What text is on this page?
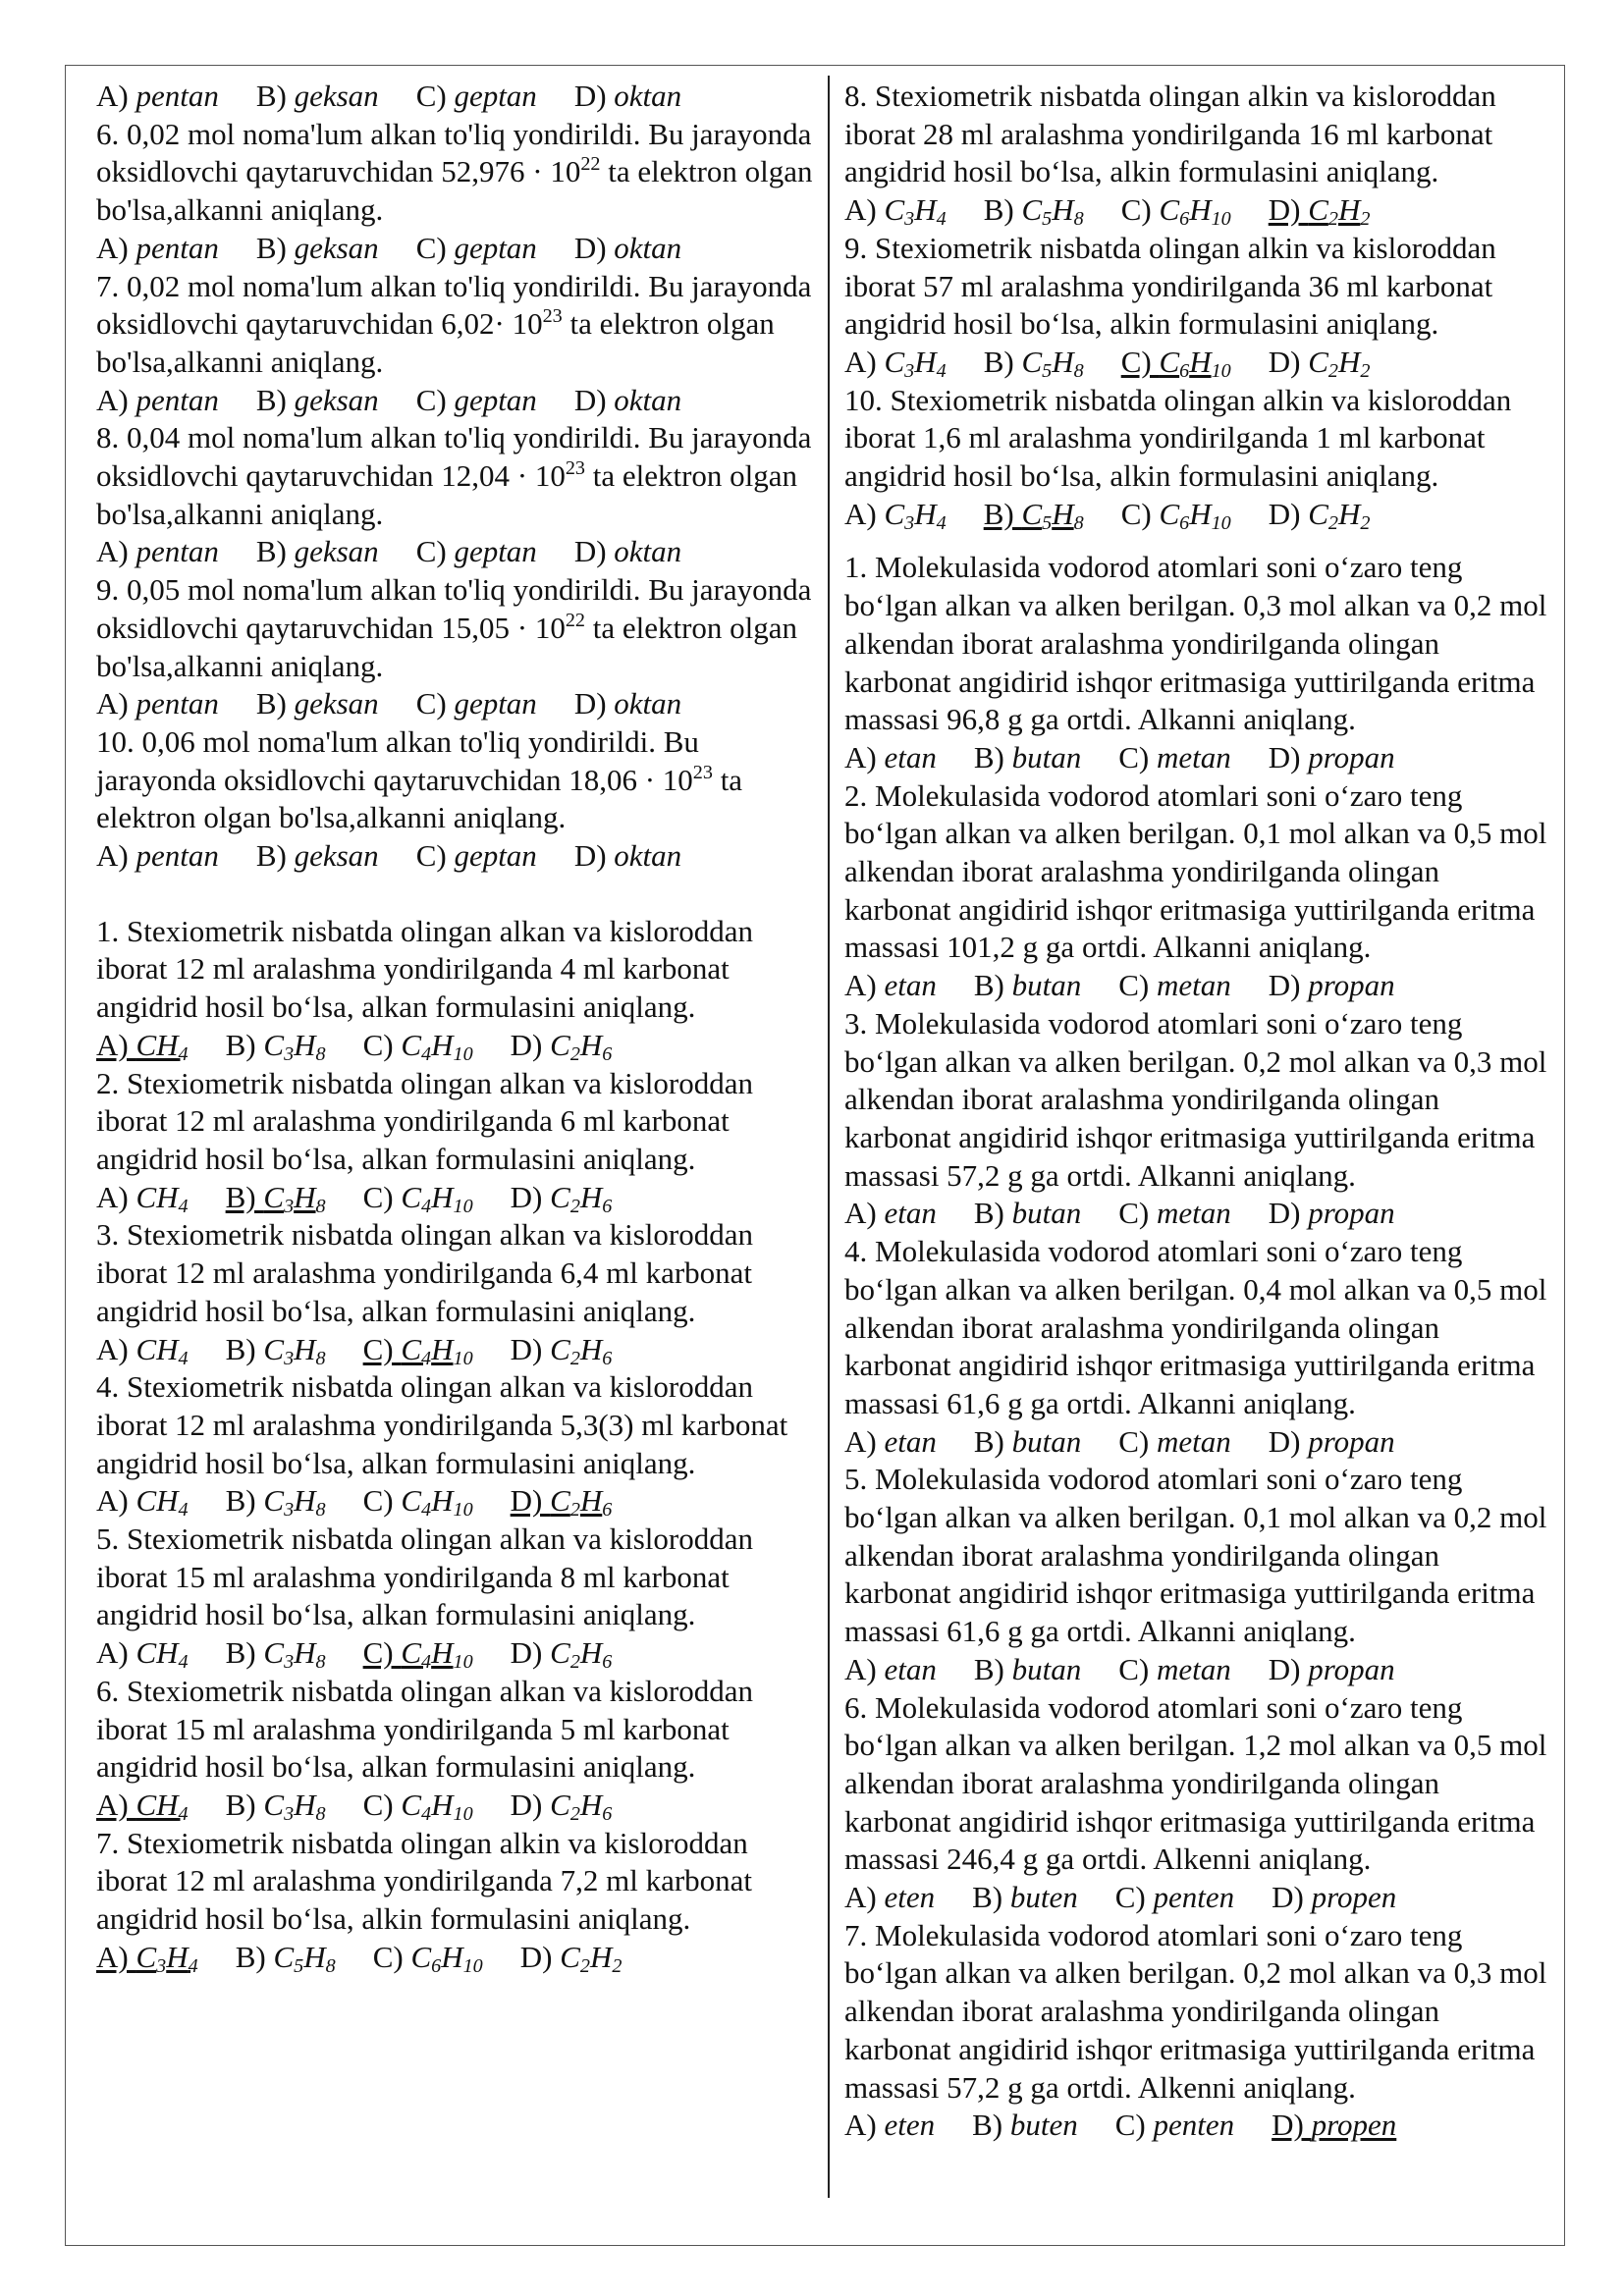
A) pentan B) geksan C) geptan D) oktan

6. 0,02 mol noma'lum alkan to'liq yondirildi. Bu jarayonda oksidlovchi qaytaruvchidan $52,976 \cdot 10^{22}$ ta elektron olgan bo'lsa,alkanni aniqlang.

A) pentan B) geksan C) geptan D) oktan

7. 0,02 mol noma'lum alkan to'liq yondirildi. Bu jarayonda oksidlovchi qaytaruvchidan $6,02\cdot 10^{23}$ ta elektron olgan bo'lsa,alkanni aniqlang.

A) pentan B) geksan C) geptan D) oktan

8. 0,04 mol noma'lum alkan to'liq yondirildi. Bu jarayonda oksidlovchi qaytaruvchidan $12,04 \cdot 10^{23}$ ta elektron olgan bo'lsa,alkanni aniqlang.

A) pentan B) geksan C) geptan D) oktan

9. 0,05 mol noma'lum alkan to'liq yondirildi. Bu jarayonda oksidlovchi qaytaruvchidan $15,05 \cdot 10^{22}$ ta elektron olgan bo'lsa,alkanni aniqlang.

A) pentan B) geksan C) geptan D) oktan

10. 0,06 mol noma'lum alkan to'liq yondirildi. Bu jarayonda oksidlovchi qaytaruvchidan $18,06 \cdot 10^{23}$ ta elektron olgan bo'lsa,alkanni aniqlang.

A) pentan B) geksan C) geptan D) oktan

1. Stexiometrik nisbatda olingan alkan va kisloroddan iborat 12 ml aralashma yondirilganda 4 ml karbonat angidrid hosil bo‘lsa, alkan formulasini aniqlang.

A) $CH_4$ B) $C_3H_8$ C) $C_4H_{10}$ D) $C_2H_6$

2. Stexiometrik nisbatda olingan alkan va kisloroddan iborat 12 ml aralashma yondirilganda 6 ml karbonat angidrid hosil bo‘lsa, alkan formulasini aniqlang.

A) $CH_4$ B) $C_3H_8$ C) $C_4H_{10}$ D) $C_2H_6$

3. Stexiometrik nisbatda olingan alkan va kisloroddan iborat 12 ml aralashma yondirilganda 6,4 ml karbonat angidrid hosil bo‘lsa, alkan formulasini aniqlang.

A) $CH_4$ B) $C_3H_8$ C) $C_4H_{10}$ D) $C_2H_6$

4. Stexiometrik nisbatda olingan alkan va kisloroddan iborat 12 ml aralashma yondirilganda 5,3(3) ml karbonat angidrid hosil bo‘lsa, alkan formulasini aniqlang.

A) $CH_4$ B) $C_3H_8$ C) $C_4H_{10}$ D) $C_2H_6$

5. Stexiometrik nisbatda olingan alkan va kisloroddan iborat 15 ml aralashma yondirilganda 8 ml karbonat angidrid hosil bo‘lsa, alkan formulasini aniqlang.

A) $CH_4$ B) $C_3H_8$ C) $C_4H_{10}$ D) $C_2H_6$

6. Stexiometrik nisbatda olingan alkan va kisloroddan iborat 15 ml aralashma yondirilganda 5 ml karbonat angidrid hosil bo‘lsa, alkan formulasini aniqlang.

A) $CH_4$ B) $C_3H_8$ C) $C_4H_{10}$ D) $C_2H_6$

7. Stexiometrik nisbatda olingan alkin va kisloroddan iborat 12 ml aralashma yondirilganda 7,2 ml karbonat angidrid hosil bo‘lsa, alkin formulasini aniqlang.

A) $C_3H_4$ B) $C_5H_8$ C) $C_6H_{10}$ D) $C_2H_2$

8. Stexiometrik nisbatda olingan alkin va kisloroddan iborat 28 ml aralashma yondirilganda 16 ml karbonat angidrid hosil bo‘lsa, alkin formulasini aniqlang.

A) $C_3H_4$ B) $C_5H_8$ C) $C_6H_{10}$ D) $C_2H_2$

9. Stexiometrik nisbatda olingan alkin va kisloroddan iborat 57 ml aralashma yondirilganda 36 ml karbonat angidrid hosil bo‘lsa, alkin formulasini aniqlang.

A) $C_3H_4$ B) $C_5H_8$ C) $C_6H_{10}$ D) $C_2H_2$

10. Stexiometrik nisbatda olingan alkin va kisloroddan iborat 1,6 ml aralashma yondirilganda 1 ml karbonat angidrid hosil bo‘lsa, alkin formulasini aniqlang.

A) $C_3H_4$ B) $C_5H_8$ C) $C_6H_{10}$ D) $C_2H_2$

1. Molekulasida vodorod atomlari soni o‘zaro teng bo‘lgan alkan va alken berilgan. 0,3 mol alkan va 0,2 mol alkendan iborat aralashma yondirilganda olingan karbonat angidirid ishqor eritmasiga yuttirilganda eritma massasi 96,8 g ga ortdi. Alkanni aniqlang.

A) etan B) butan C) metan D) propan

2. Molekulasida vodorod atomlari soni o‘zaro teng bo‘lgan alkan va alken berilgan. 0,1 mol alkan va 0,5 mol alkendan iborat aralashma yondirilganda olingan karbonat angidirid ishqor eritmasiga yuttirilganda eritma massasi 101,2 g ga ortdi. Alkanni aniqlang.

A) etan B) butan C) metan D) propan

3. Molekulasida vodorod atomlari soni o‘zaro teng bo‘lgan alkan va alken berilgan. 0,2 mol alkan va 0,3 mol alkendan iborat aralashma yondirilganda olingan karbonat angidirid ishqor eritmasiga yuttirilganda eritma massasi 57,2 g ga ortdi. Alkanni aniqlang.

A) etan B) butan C) metan D) propan

4. Molekulasida vodorod atomlari soni o‘zaro teng bo‘lgan alkan va alken berilgan. 0,4 mol alkan va 0,5 mol alkendan iborat aralashma yondirilganda olingan karbonat angidirid ishqor eritmasiga yuttirilganda eritma massasi 61,6 g ga ortdi. Alkanni aniqlang.

A) etan B) butan C) metan D) propan

5. Molekulasida vodorod atomlari soni o‘zaro teng bo‘lgan alkan va alken berilgan. 0,1 mol alkan va 0,2 mol alkendan iborat aralashma yondirilganda olingan karbonat angidirid ishqor eritmasiga yuttirilganda eritma massasi 61,6 g ga ortdi. Alkanni aniqlang.

A) etan B) butan C) metan D) propan

6. Molekulasida vodorod atomlari soni o‘zaro teng bo‘lgan alkan va alken berilgan. 1,2 mol alkan va 0,5 mol alkendan iborat aralashma yondirilganda olingan karbonat angidirid ishqor eritmasiga yuttirilganda eritma massasi 246,4 g ga ortdi. Alkenni aniqlang.

A) eten B) buten C) penten D) propen

7. Molekulasida vodorod atomlari soni o‘zaro teng bo‘lgan alkan va alken berilgan. 0,2 mol alkan va 0,3 mol alkendan iborat aralashma yondirilganda olingan karbonat angidirid ishqor eritmasiga yuttirilganda eritma massasi 57,2 g ga ortdi. Alkenni aniqlang.

A) eten B) buten C) penten D) propen
